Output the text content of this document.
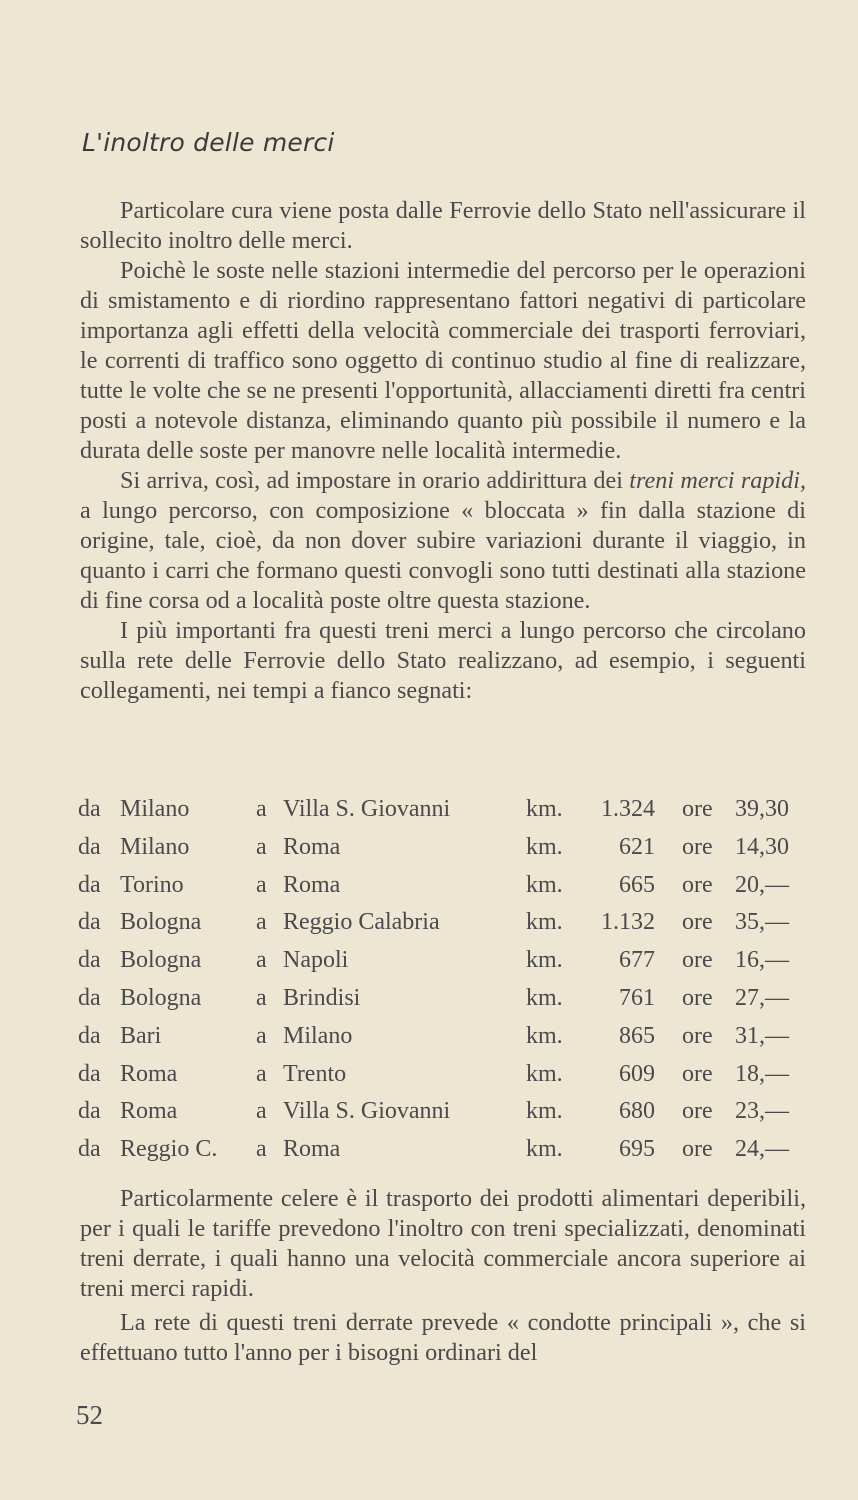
L'inoltro delle merci

Particolare cura viene posta dalle Ferrovie dello Stato nell'assicurare il sollecito inoltro delle merci.

Poichè le soste nelle stazioni intermedie del percorso per le operazioni di smistamento e di riordino rappresentano fattori negativi di particolare importanza agli effetti della velocità commerciale dei trasporti ferroviari, le correnti di traffico sono oggetto di continuo studio al fine di realizzare, tutte le volte che se ne presenti l'opportunità, allacciamenti diretti fra centri posti a notevole distanza, eliminando quanto più possibile il numero e la durata delle soste per manovre nelle località intermedie.

Si arriva, così, ad impostare in orario addirittura dei treni merci rapidi, a lungo percorso, con composizione « bloccata » fin dalla stazione di origine, tale, cioè, da non dover subire variazioni durante il viaggio, in quanto i carri che formano questi convogli sono tutti destinati alla stazione di fine corsa od a località poste oltre questa stazione.

I più importanti fra questi treni merci a lungo percorso che circolano sulla rete delle Ferrovie dello Stato realizzano, ad esempio, i seguenti collegamenti, nei tempi a fianco segnati:

da Milano	a Villa S. Giovanni	km. 1.324 ore 39,30
da Milano	a Roma	km. 621 ore 14,30
da Torino	a Roma	km. 665 ore 20,—
da Bologna a Reggio Calabria	km. 1.132 ore 35,—
da Bologna a Napoli	km. 677 ore 16,—
da Bologna a Brindisi	km. 761 ore 27,—
da Bari	a Milano	km. 865 ore 31,—
da Roma	a Trento	km. 609 ore 18,—
da Roma	a Villa S. Giovanni	km. 680 ore 23,—
da Reggio C. a Roma	km. 695 ore 24,—

Particolarmente celere è il trasporto dei prodotti alimentari deperibili, per i quali le tariffe prevedono l'inoltro con treni specializzati, denominati treni derrate, i quali hanno una velocità commerciale ancora superiore ai treni merci rapidi.

La rete di questi treni derrate prevede « condotte principali », che si effettuano tutto l'anno per i bisogni ordinari del

52
